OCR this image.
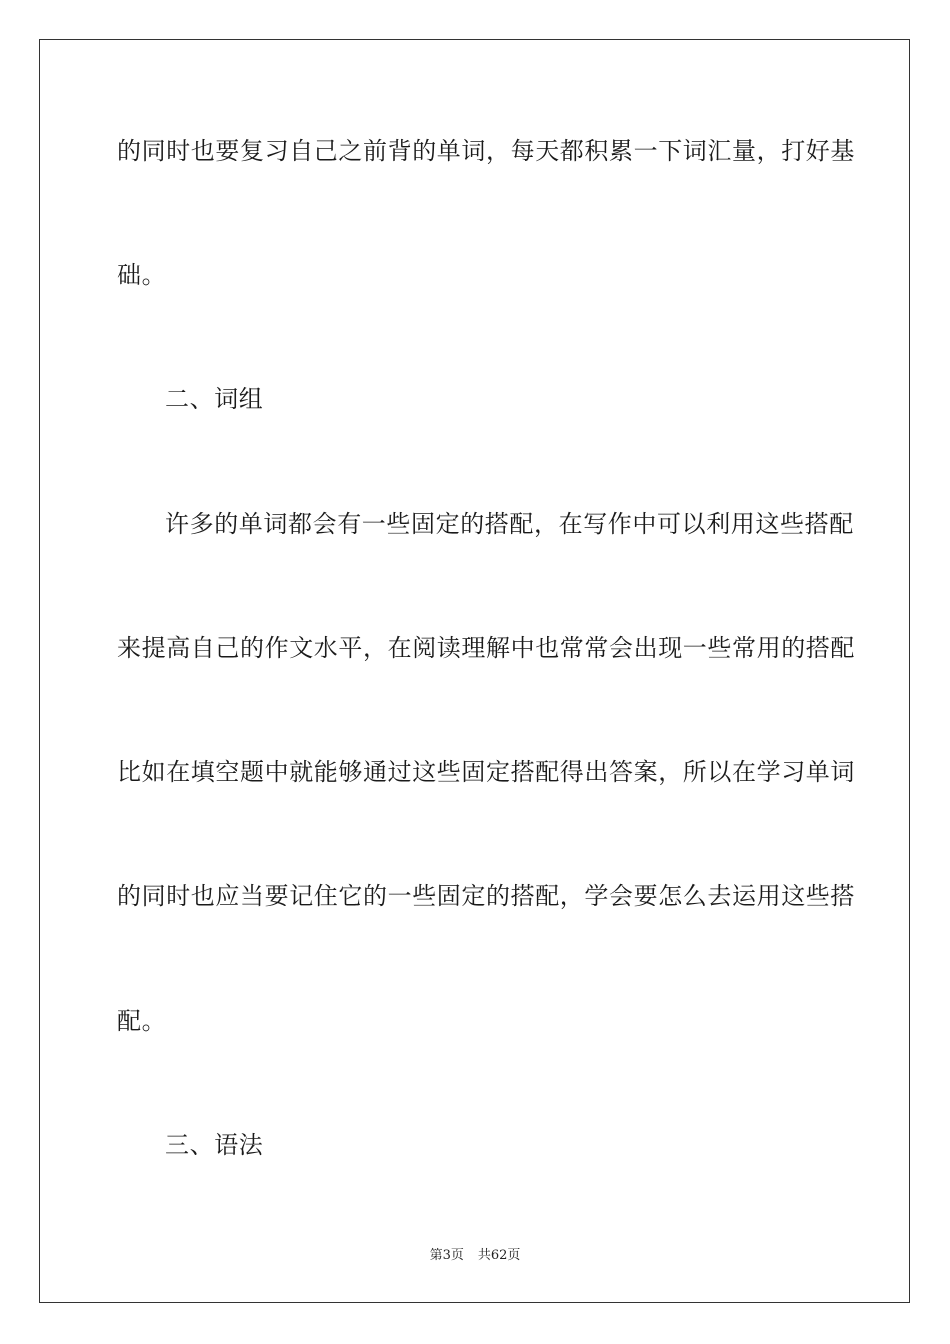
的同时也要复习自己之前背的单词，每天都积累一下词汇量，打好基
础。
二、词组
许多的单词都会有一些固定的搭配，在写作中可以利用这些搭配
来提高自己的作文水平，在阅读理解中也常常会出现一些常用的搭配
比如在填空题中就能够通过这些固定搭配得出答案，所以在学习单词
的同时也应当要记住它的一些固定的搭配，学会要怎么去运用这些搭
配。
三、语法
第3页 共62页
